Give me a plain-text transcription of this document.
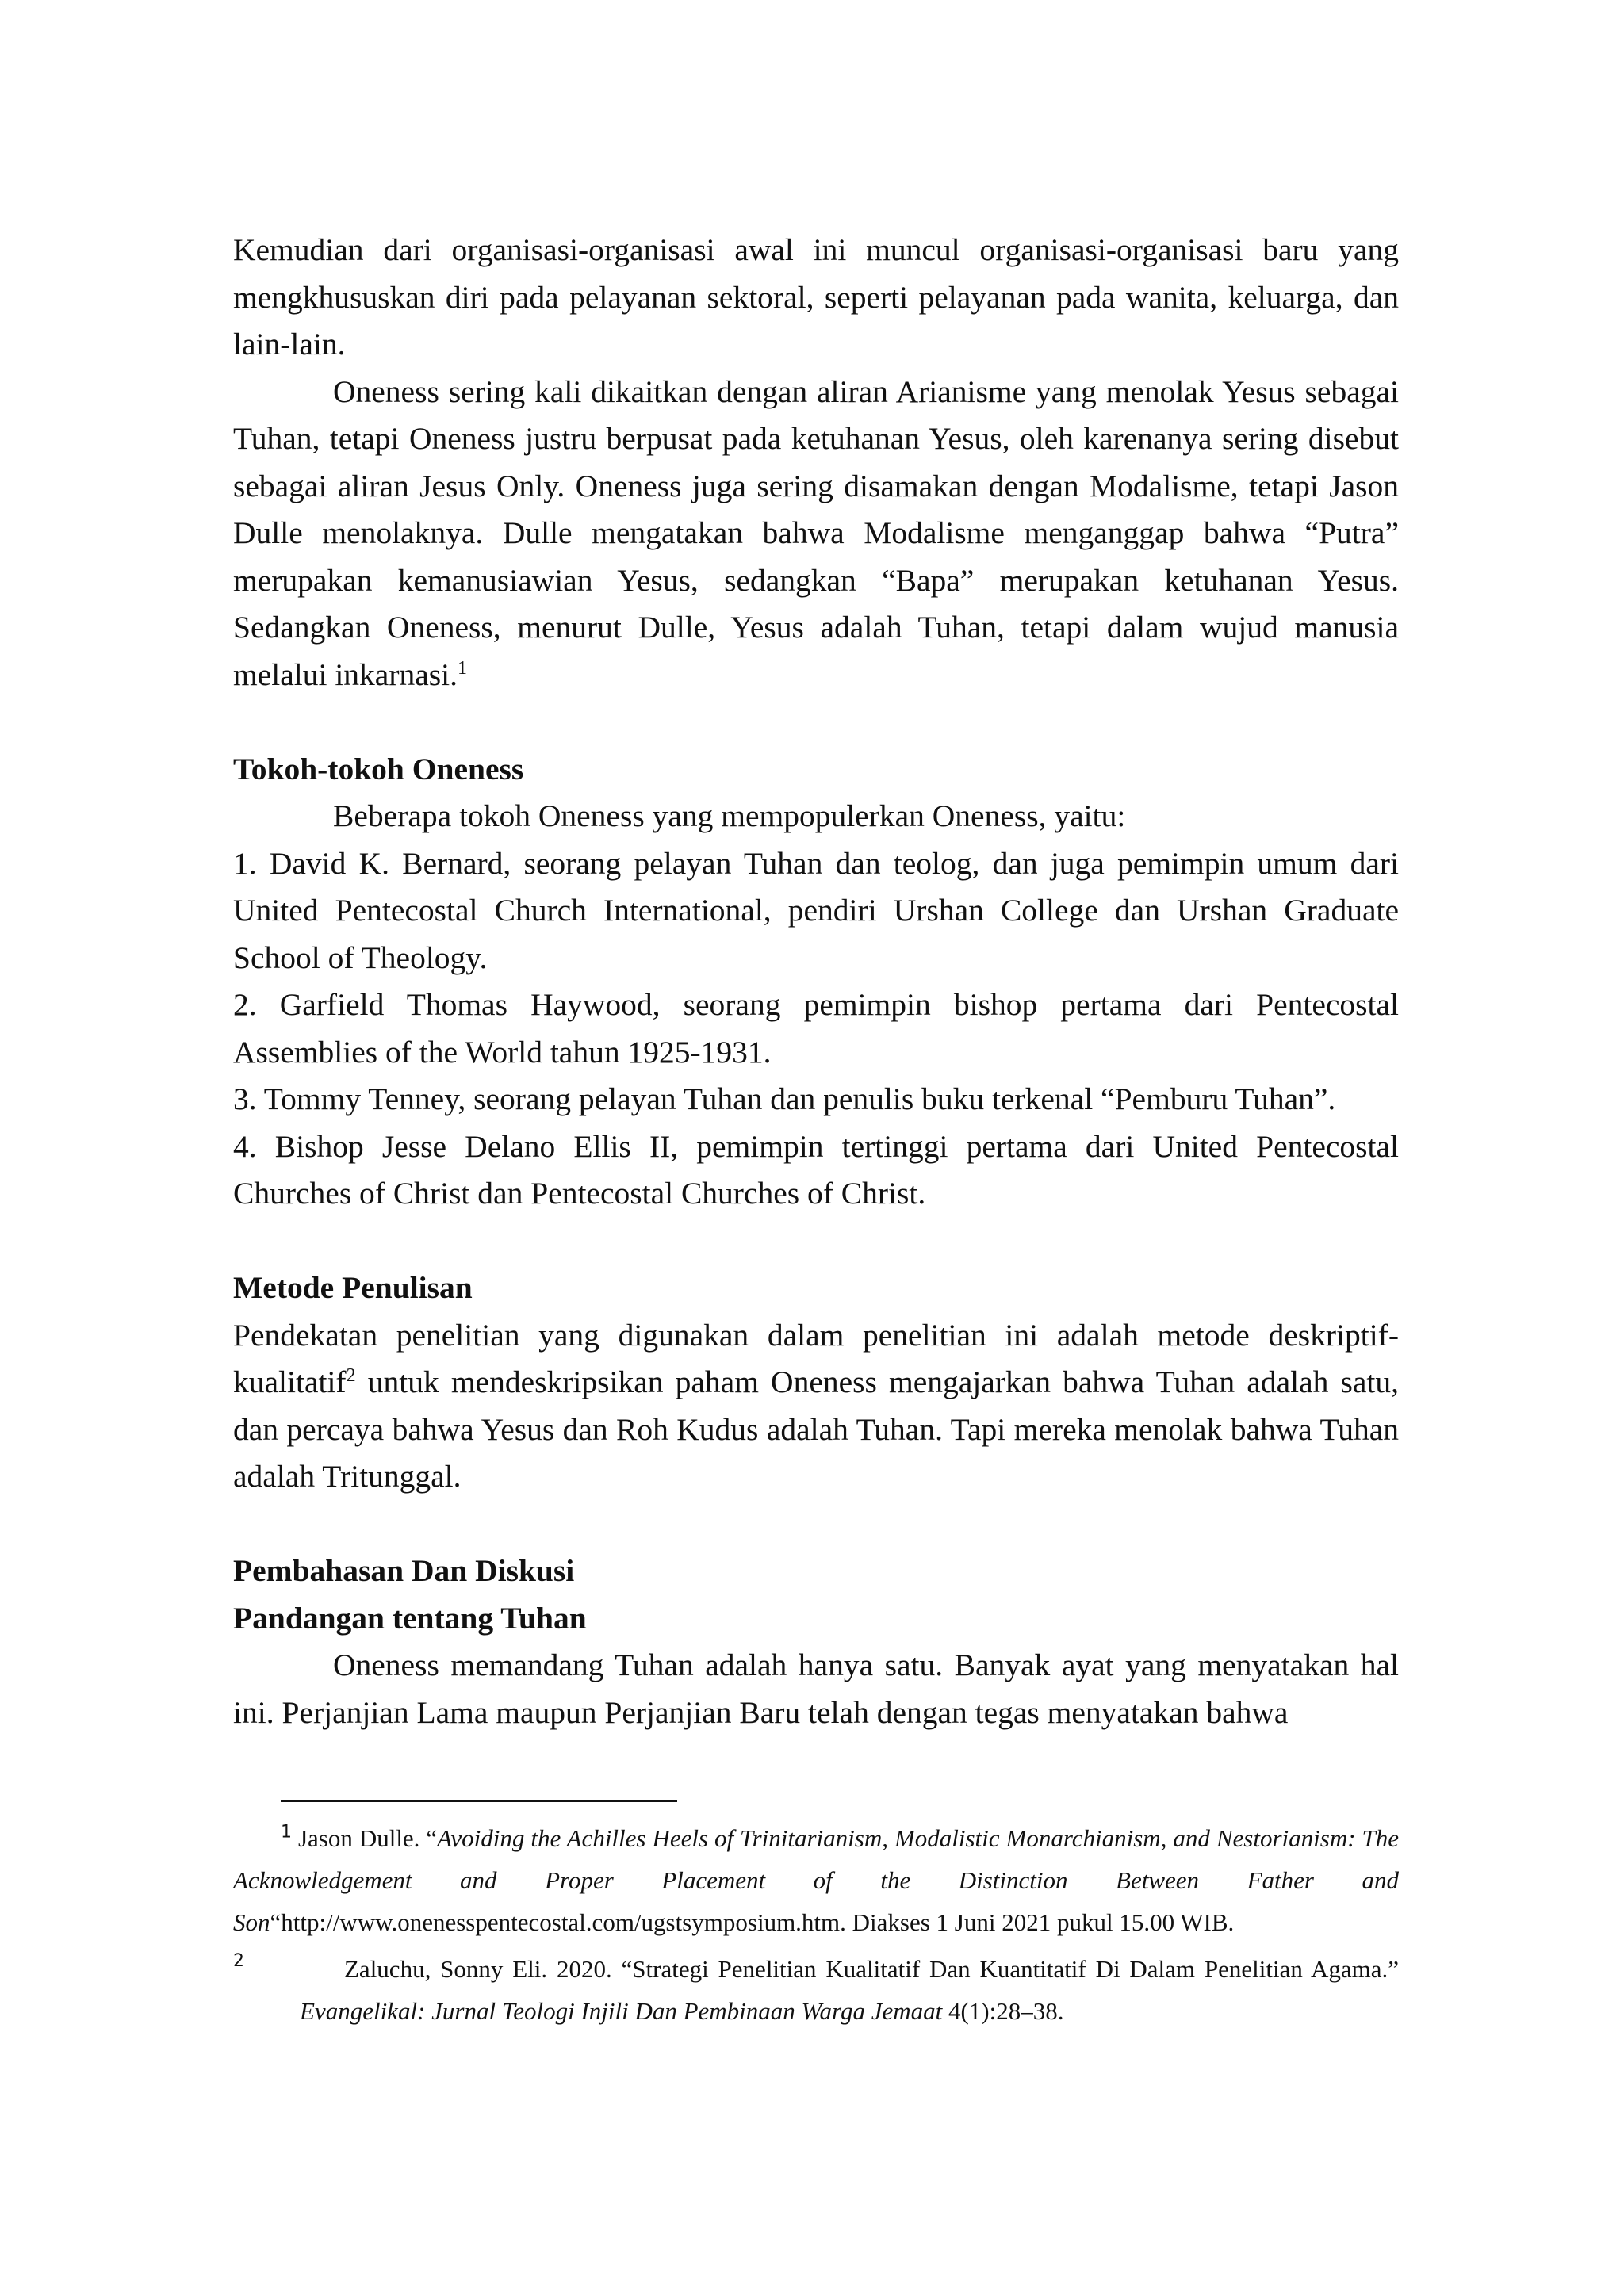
Kemudian dari organisasi-organisasi awal ini muncul organisasi-organisasi baru yang mengkhususkan diri pada pelayanan sektoral, seperti pelayanan pada wanita, keluarga, dan lain-lain.

Oneness sering kali dikaitkan dengan aliran Arianisme yang menolak Yesus sebagai Tuhan, tetapi Oneness justru berpusat pada ketuhanan Yesus, oleh karenanya sering disebut sebagai aliran Jesus Only. Oneness juga sering disamakan dengan Modalisme, tetapi Jason Dulle menolaknya. Dulle mengatakan bahwa Modalisme menganggap bahwa “Putra” merupakan kemanusiawian Yesus, sedangkan “Bapa” merupakan ketuhanan Yesus. Sedangkan Oneness, menurut Dulle, Yesus adalah Tuhan, tetapi dalam wujud manusia melalui inkarnasi.$^1$

Tokoh-tokoh Oneness

Beberapa tokoh Oneness yang mempopulerkan Oneness, yaitu:

1. David K. Bernard, seorang pelayan Tuhan dan teolog, dan juga pemimpin umum dari United Pentecostal Church International, pendiri Urshan College dan Urshan Graduate School of Theology.

2. Garfield Thomas Haywood, seorang pemimpin bishop pertama dari Pentecostal Assemblies of the World tahun 1925-1931.

3. Tommy Tenney, seorang pelayan Tuhan dan penulis buku terkenal “Pemburu Tuhan”.

4. Bishop Jesse Delano Ellis II, pemimpin tertinggi pertama dari United Pentecostal Churches of Christ dan Pentecostal Churches of Christ.

Metode Penulisan

Pendekatan penelitian yang digunakan dalam penelitian ini adalah metode deskriptif-kualitatif$^2$ untuk mendeskripsikan paham Oneness mengajarkan bahwa Tuhan adalah satu, dan percaya bahwa Yesus dan Roh Kudus adalah Tuhan. Tapi mereka menolak bahwa Tuhan adalah Tritunggal.

Pembahasan Dan Diskusi

Pandangan tentang Tuhan

Oneness memandang Tuhan adalah hanya satu. Banyak ayat yang menyatakan hal ini. Perjanjian Lama maupun Perjanjian Baru telah dengan tegas menyatakan bahwa

$^1$ Jason Dulle. “Avoiding the Achilles Heels of Trinitarianism, Modalistic Monarchianism, and Nestorianism: The Acknowledgement and Proper Placement of the Distinction Between Father and Son“http://www.onenesspentecostal.com/ugstsymposium.htm. Diakses 1 Juni 2021 pukul 15.00 WIB.

2	Zaluchu, Sonny Eli. 2020. “Strategi Penelitian Kualitatif Dan Kuantitatif Di Dalam Penelitian Agama.” Evangelikal: Jurnal Teologi Injili Dan Pembinaan Warga Jemaat 4(1):28–38.
